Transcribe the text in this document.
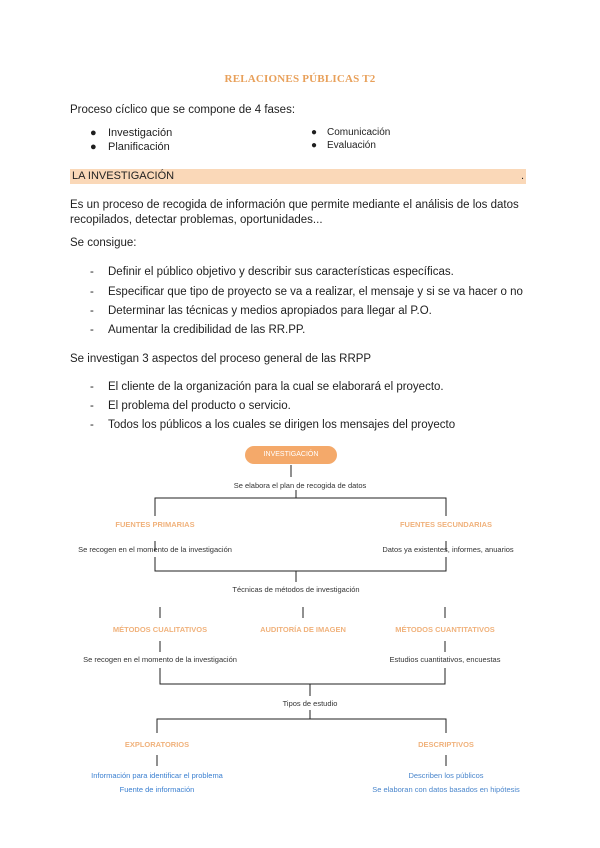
RELACIONES PÚBLICAS T2
Proceso cíclico que se compone de 4 fases:
● Investigación
● Planificación
● Comunicación
● Evaluación
LA INVESTIGACIÓN	.
Es un proceso de recogida de información que permite mediante el análisis de los datos
recopilados, detectar problemas, oportunidades...
Se consigue:
- Definir el público objetivo y describir sus características específicas.
- Especificar que tipo de proyecto se va a realizar, el mensaje y si se va hacer o no
- Determinar las técnicas y medios apropiados para llegar al P.O.
- Aumentar la credibilidad de las RR.PP.
Se investigan 3 aspectos del proceso general de las RRPP
- El cliente de la organización para la cual se elaborará el proyecto.
- El problema del producto o servicio.
- Todos los públicos a los cuales se dirigen los mensajes del proyecto
INVESTIGACIÓN
Se elabora el plan de recogida de datos
FUENTES PRIMARIAS
Se recogen en el momento de la investigación
FUENTES SECUNDARIAS
Datos ya existentes, informes, anuarios
Técnicas de métodos de investigación
MÉTODOS CUALITATIVOS
Se recogen en el momento de la investigación
AUDITORÍA DE IMAGEN	MÉTODOS CUANTITATIVOS
Estudios cuantitativos, encuestas
Tipos de estudio
EXPLORATORIOS
Información para identificar el problema
Fuente de información
DESCRIPTIVOS
Describen los públicos
Se elaboran con datos basados en hipótesis
